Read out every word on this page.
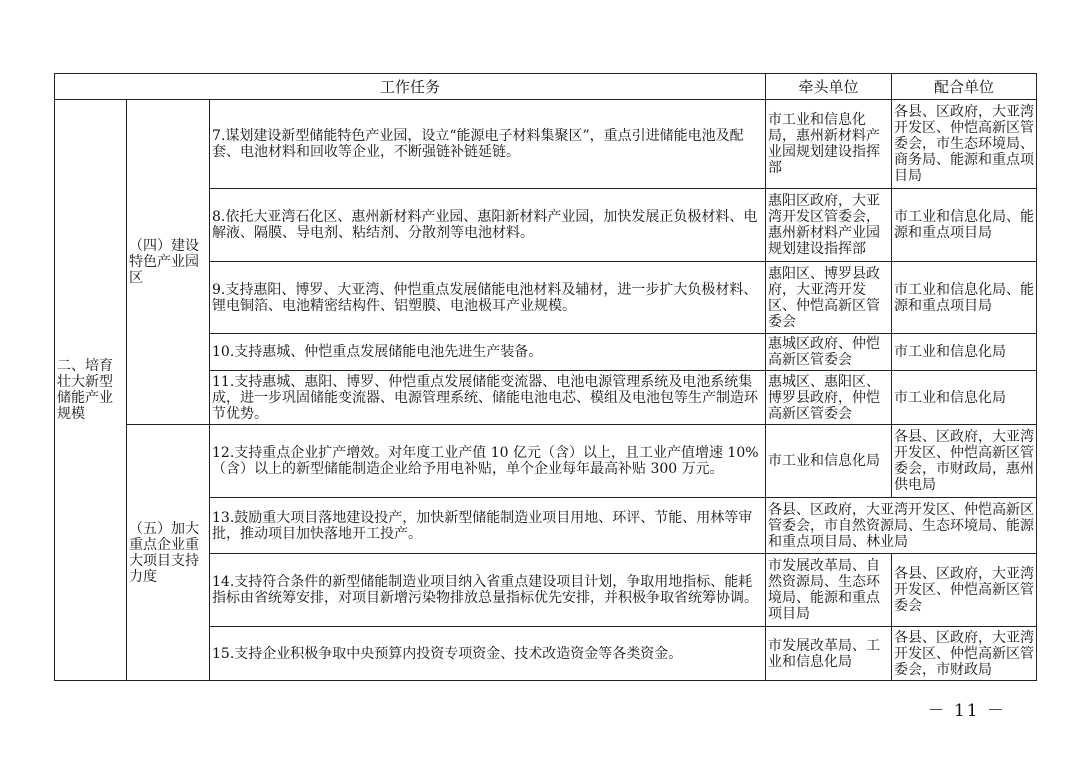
工作任务			牵头单位	配合单位
二、培育壮大新型储能产业规模	（四）建设特色产业园区	7.谋划建设新型储能特色产业园，设立“能源电子材料集聚区”，重点引进储能电池及配套、电池材料和回收等企业，不断强链补链延链。	市工业和信息化局，惠州新材料产业园规划建设指挥部	各县、区政府，大亚湾开发区、仲恺高新区管委会，市生态环境局、商务局、能源和重点项目局
		8.依托大亚湾石化区、惠州新材料产业园、惠阳新材料产业园，加快发展正负极材料、电解液、隔膜、导电剂、粘结剂、分散剂等电池材料。	惠阳区政府，大亚湾开发区管委会，惠州新材料产业园规划建设指挥部	市工业和信息化局、能源和重点项目局
		9.支持惠阳、博罗、大亚湾、仲恺重点发展储能电池材料及辅材，进一步扩大负极材料、锂电铜箔、电池精密结构件、铝塑膜、电池极耳产业规模。	惠阳区、博罗县政府，大亚湾开发区、仲恺高新区管委会	市工业和信息化局、能源和重点项目局
		10.支持惠城、仲恺重点发展储能电池先进生产装备。	惠城区政府、仲恺高新区管委会	市工业和信息化局
		11.支持惠城、惠阳、博罗、仲恺重点发展储能变流器、电池电源管理系统及电池系统集成，进一步巩固储能变流器、电源管理系统、储能电池电芯、模组及电池包等生产制造环节优势。	惠城区、惠阳区、博罗县政府，仲恺高新区管委会	市工业和信息化局
	（五）加大重点企业重大项目支持力度	12.支持重点企业扩产增效。对年度工业产值 10 亿元（含）以上，且工业产值增速 10%（含）以上的新型储能制造企业给予用电补贴，单个企业每年最高补贴 300 万元。	市工业和信息化局	各县、区政府，大亚湾开发区、仲恺高新区管委会，市财政局，惠州供电局
		13.鼓励重大项目落地建设投产，加快新型储能制造业项目用地、环评、节能、用林等审批，推动项目加快落地开工投产。	各县、区政府，大亚湾开发区、仲恺高新区管委会，市自然资源局、生态环境局、能源和重点项目局、林业局	
		14.支持符合条件的新型储能制造业项目纳入省重点建设项目计划，争取用地指标、能耗指标由省统筹安排，对项目新增污染物排放总量指标优先安排，并积极争取省统筹协调。	市发展改革局、自然资源局、生态环境局、能源和重点项目局	各县、区政府，大亚湾开发区、仲恺高新区管委会
		15.支持企业积极争取中央预算内投资专项资金、技术改造资金等各类资金。	市发展改革局、工业和信息化局	各县、区政府，大亚湾开发区、仲恺高新区管委会，市财政局
－ 11 －
